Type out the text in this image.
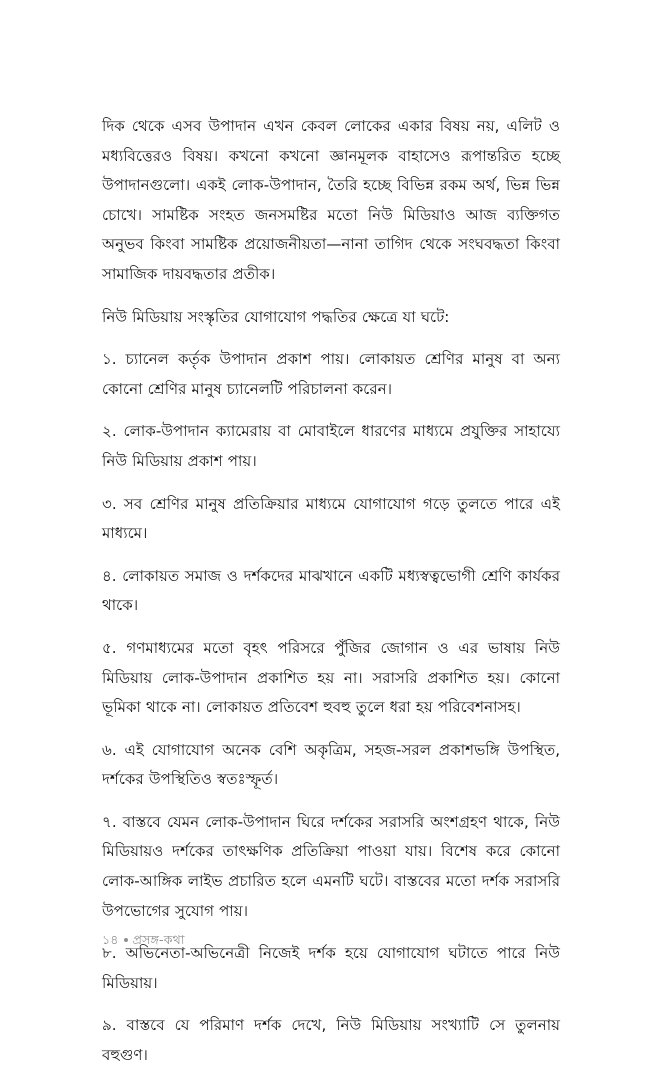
দিক থেকে এসব উপাদান এখন কেবল লোকের একার বিষয় নয়, এলিট ও মধ্যবিত্তেরও বিষয়। কখনো কখনো জ্ঞানমূলক বাহাসেও রূপান্তরিত হচ্ছে উপাদানগুলো। একই লোক-উপাদান, তৈরি হচ্ছে বিভিন্ন রকম অর্থ, ভিন্ন ভিন্ন চোখে। সামষ্টিক সংহত জনসমষ্টির মতো নিউ মিডিয়াও আজ ব্যক্তিগত অনুভব কিংবা সামষ্টিক প্রয়োজনীয়তা—নানা তাগিদ থেকে সংঘবদ্ধতা কিংবা সামাজিক দায়বদ্ধতার প্রতীক।

নিউ মিডিয়ায় সংস্কৃতির যোগাযোগ পদ্ধতির ক্ষেত্রে যা ঘটে:

১. চ্যানেল কর্তৃক উপাদান প্রকাশ পায়। লোকায়ত শ্রেণির মানুষ বা অন্য কোনো শ্রেণির মানুষ চ্যানেলটি পরিচালনা করেন।

২. লোক-উপাদান ক্যামেরায় বা মোবাইলে ধারণের মাধ্যমে প্রযুক্তির সাহায্যে নিউ মিডিয়ায় প্রকাশ পায়।

৩. সব শ্রেণির মানুষ প্রতিক্রিয়ার মাধ্যমে যোগাযোগ গড়ে তুলতে পারে এই মাধ্যমে।

৪. লোকায়ত সমাজ ও দর্শকদের মাঝখানে একটি মধ্যস্বত্বভোগী শ্রেণি কার্যকর থাকে।

৫. গণমাধ্যমের মতো বৃহৎ পরিসরে পুঁজির জোগান ও এর ভাষায় নিউ মিডিয়ায় লোক-উপাদান প্রকাশিত হয় না। সরাসরি প্রকাশিত হয়। কোনো ভূমিকা থাকে না। লোকায়ত প্রতিবেশ হুবহু তুলে ধরা হয় পরিবেশনাসহ।

৬. এই যোগাযোগ অনেক বেশি অকৃত্রিম, সহজ-সরল প্রকাশভঙ্গি উপস্থিত, দর্শকের উপস্থিতিও স্বতঃস্ফূর্ত।

৭. বাস্তবে যেমন লোক-উপাদান ঘিরে দর্শকের সরাসরি অংশগ্রহণ থাকে, নিউ মিডিয়ায়ও দর্শকের তাৎক্ষণিক প্রতিক্রিয়া পাওয়া যায়। বিশেষ করে কোনো লোক-আঙ্গিক লাইভ প্রচারিত হলে এমনটি ঘটে। বাস্তবের মতো দর্শক সরাসরি উপভোগের সুযোগ পায়।

৮. অভিনেতা-অভিনেত্রী নিজেই দর্শক হয়ে যোগাযোগ ঘটাতে পারে নিউ মিডিয়ায়।

৯. বাস্তবে যে পরিমাণ দর্শক দেখে, নিউ মিডিয়ায় সংখ্যাটি সে তুলনায় বহুগুণ।

১৪ প্রসঙ্গ-কথা
